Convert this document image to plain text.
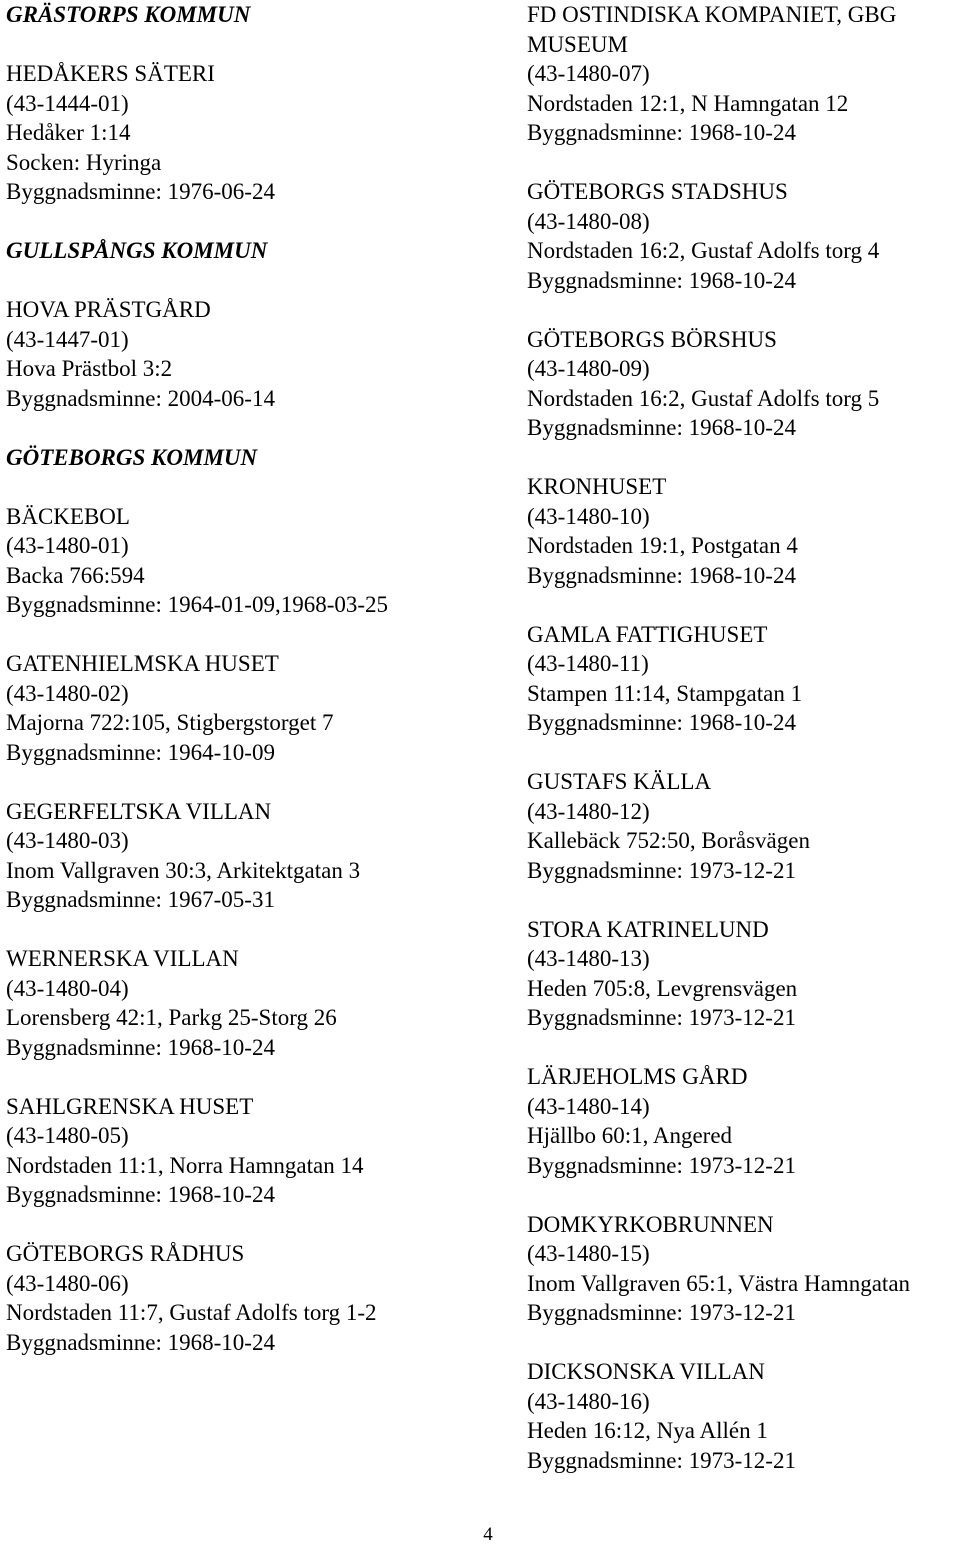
GRÄSTORPS KOMMUN
HEDÅKERS SÄTERI
(43-1444-01)
Hedåker 1:14
Socken: Hyringa
Byggnadsminne: 1976-06-24
GULLSPÅNGS KOMMUN
HOVA PRÄSTGÅRD
(43-1447-01)
Hova Prästbol 3:2
Byggnadsminne: 2004-06-14
GÖTEBORGS KOMMUN
BÄCKEBOL
(43-1480-01)
Backa 766:594
Byggnadsminne: 1964-01-09,1968-03-25
GATENHIELMSKA HUSET
(43-1480-02)
Majorna 722:105, Stigbergstorget 7
Byggnadsminne: 1964-10-09
GEGERFELTSKA VILLAN
(43-1480-03)
Inom Vallgraven 30:3, Arkitektgatan 3
Byggnadsminne: 1967-05-31
WERNERSKA VILLAN
(43-1480-04)
Lorensberg 42:1, Parkg 25-Storg 26
Byggnadsminne: 1968-10-24
SAHLGRENSKA HUSET
(43-1480-05)
Nordstaden 11:1, Norra Hamngatan 14
Byggnadsminne: 1968-10-24
GÖTEBORGS RÅDHUS
(43-1480-06)
Nordstaden 11:7, Gustaf Adolfs torg 1-2
Byggnadsminne: 1968-10-24
FD OSTINDISKA KOMPANIET, GBG
MUSEUM
(43-1480-07)
Nordstaden 12:1, N Hamngatan 12
Byggnadsminne: 1968-10-24
GÖTEBORGS STADSHUS
(43-1480-08)
Nordstaden 16:2, Gustaf Adolfs torg 4
Byggnadsminne: 1968-10-24
GÖTEBORGS BÖRSHUS
(43-1480-09)
Nordstaden 16:2, Gustaf Adolfs torg 5
Byggnadsminne: 1968-10-24
KRONHUSET
(43-1480-10)
Nordstaden 19:1, Postgatan 4
Byggnadsminne: 1968-10-24
GAMLA FATTIGHUSET
(43-1480-11)
Stampen 11:14, Stampgatan 1
Byggnadsminne: 1968-10-24
GUSTAFS KÄLLA
(43-1480-12)
Kallebäck 752:50, Boråsvägen
Byggnadsminne: 1973-12-21
STORA KATRINELUND
(43-1480-13)
Heden 705:8, Levgrensvägen
Byggnadsminne: 1973-12-21
LÄRJEHOLMS GÅRD
(43-1480-14)
Hjällbo 60:1, Angered
Byggnadsminne: 1973-12-21
DOMKYRKOBRUNNEN
(43-1480-15)
Inom Vallgraven 65:1, Västra Hamngatan
Byggnadsminne: 1973-12-21
DICKSONSKA VILLAN
(43-1480-16)
Heden 16:12, Nya Allén 1
Byggnadsminne: 1973-12-21
4
